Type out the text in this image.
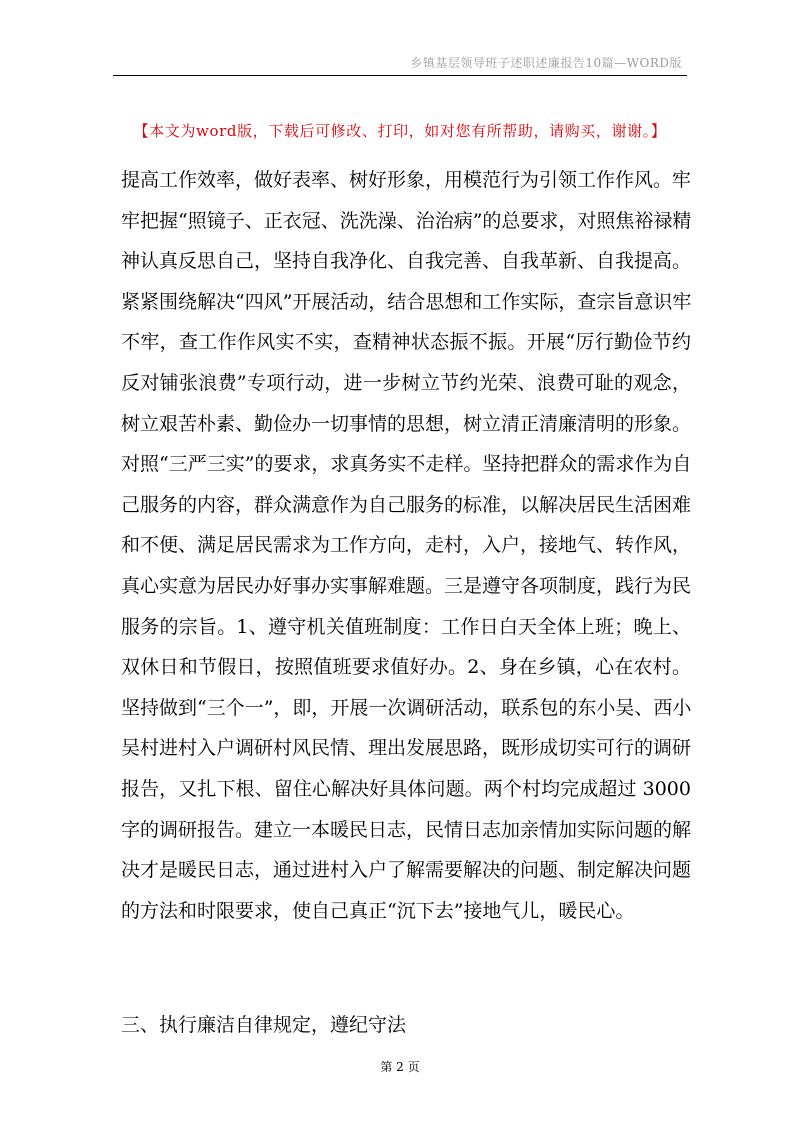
乡镇基层领导班子述职述廉报告10篇—WORD版
【本文为word版，下载后可修改、打印，如对您有所帮助，请购买，谢谢。】
提高工作效率，做好表率、树好形象，用模范行为引领工作作风。牢
牢把握“照镜子、正衣冠、洗洗澡、治治病”的总要求，对照焦裕禄精
神认真反思自己，坚持自我净化、自我完善、自我革新、自我提高。
紧紧围绕解决“四风”开展活动，结合思想和工作实际，查宗旨意识牢
不牢，查工作作风实不实，查精神状态振不振。开展“厉行勤俭节约
反对铺张浪费”专项行动，进一步树立节约光荣、浪费可耻的观念，
树立艰苦朴素、勤俭办一切事情的思想，树立清正清廉清明的形象。
对照“三严三实”的要求，求真务实不走样。坚持把群众的需求作为自
己服务的内容，群众满意作为自己服务的标准，以解决居民生活困难
和不便、满足居民需求为工作方向，走村，入户，接地气、转作风，
真心实意为居民办好事办实事解难题。三是遵守各项制度，践行为民
服务的宗旨。1、遵守机关值班制度：工作日白天全体上班；晚上、
双休日和节假日，按照值班要求值好办。2、身在乡镇，心在农村。
坚持做到“三个一”，即，开展一次调研活动，联系包的东小吴、西小
吴村进村入户调研村风民情、理出发展思路，既形成切实可行的调研
报告，又扎下根、留住心解决好具体问题。两个村均完成超过 3000
字的调研报告。建立一本暖民日志，民情日志加亲情加实际问题的解
决才是暖民日志，通过进村入户了解需要解决的问题、制定解决问题
的方法和时限要求，使自己真正“沉下去”接地气儿，暖民心。
三、执行廉洁自律规定，遵纪守法
第 2 页
